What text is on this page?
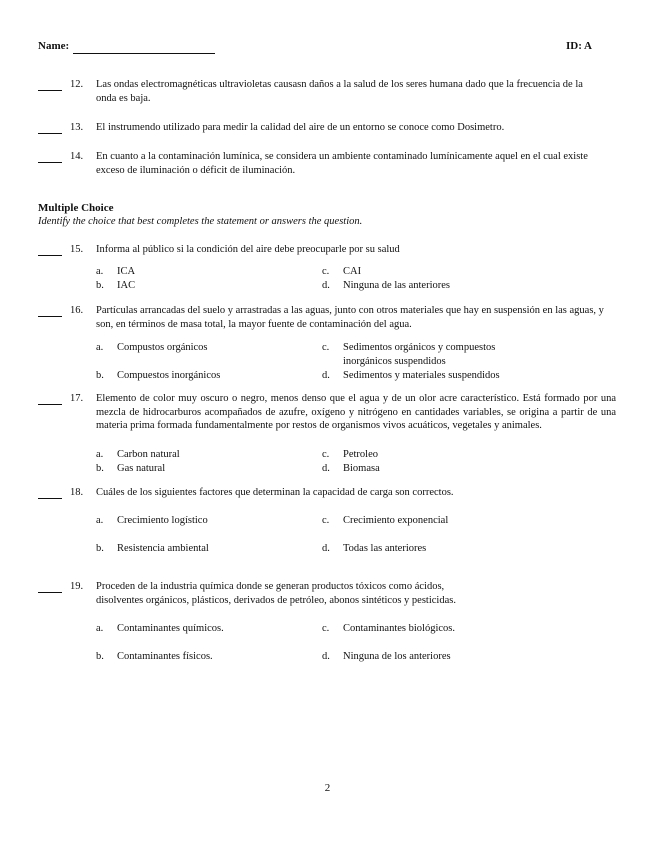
Name:	ID: A
12.	Las ondas electromagnéticas ultravioletas causasn daños a la salud de los seres humana dado que la frecuencia de la onda es baja.
13.	El instrumendo utilizado para medir la calidad del aire de un entorno se conoce como Dosimetro.
14.	En cuanto a la contaminación lumínica, se considera un ambiente contaminado lumínicamente aquel en el cual existe exceso de iluminación o déficit de iluminación.
Multiple Choice
Identify the choice that best completes the statement or answers the question.
15.	Informa al público si la condición del aire debe preocuparle por su salud
a. ICA	c. CAI
b. IAC	d. Ninguna de las anteriores
16.	Partículas arrancadas del suelo y arrastradas a las aguas, junto con otros materiales que hay en suspensión en las aguas, y son, en términos de masa total, la mayor fuente de contaminación del agua.
a. Compustos orgánicos	c. Sedimentos orgánicos y compuestos inorgánicos suspendidos
b. Compuestos inorgánicos	d. Sedimentos y materiales suspendidos
17.	Elemento de color muy oscuro o negro, menos denso que el agua y de un olor acre característico. Está formado por una mezcla de hidrocarburos acompañados de azufre, oxígeno y nitrógeno en cantidades variables, se origina a partir de una materia prima formada fundamentalmente por restos de organismos vivos acuáticos, vegetales y animales.
a. Carbon natural	c. Petroleo
b. Gas natural	d. Biomasa
18.	Cuáles de los siguientes factores que determinan la capacidad de carga son correctos.
a. Crecimiento logístico	c. Crecimiento exponencial
b. Resistencia ambiental	d. Todas las anteriores
19.	Proceden de la industria química donde se generan productos tóxicos como ácidos, disolventes orgánicos, plásticos, derivados de petróleo, abonos sintéticos y pesticidas.
a. Contaminantes químicos.	c. Contaminantes biológicos.
b. Contaminantes físicos.	d. Ninguna de los anteriores
2
